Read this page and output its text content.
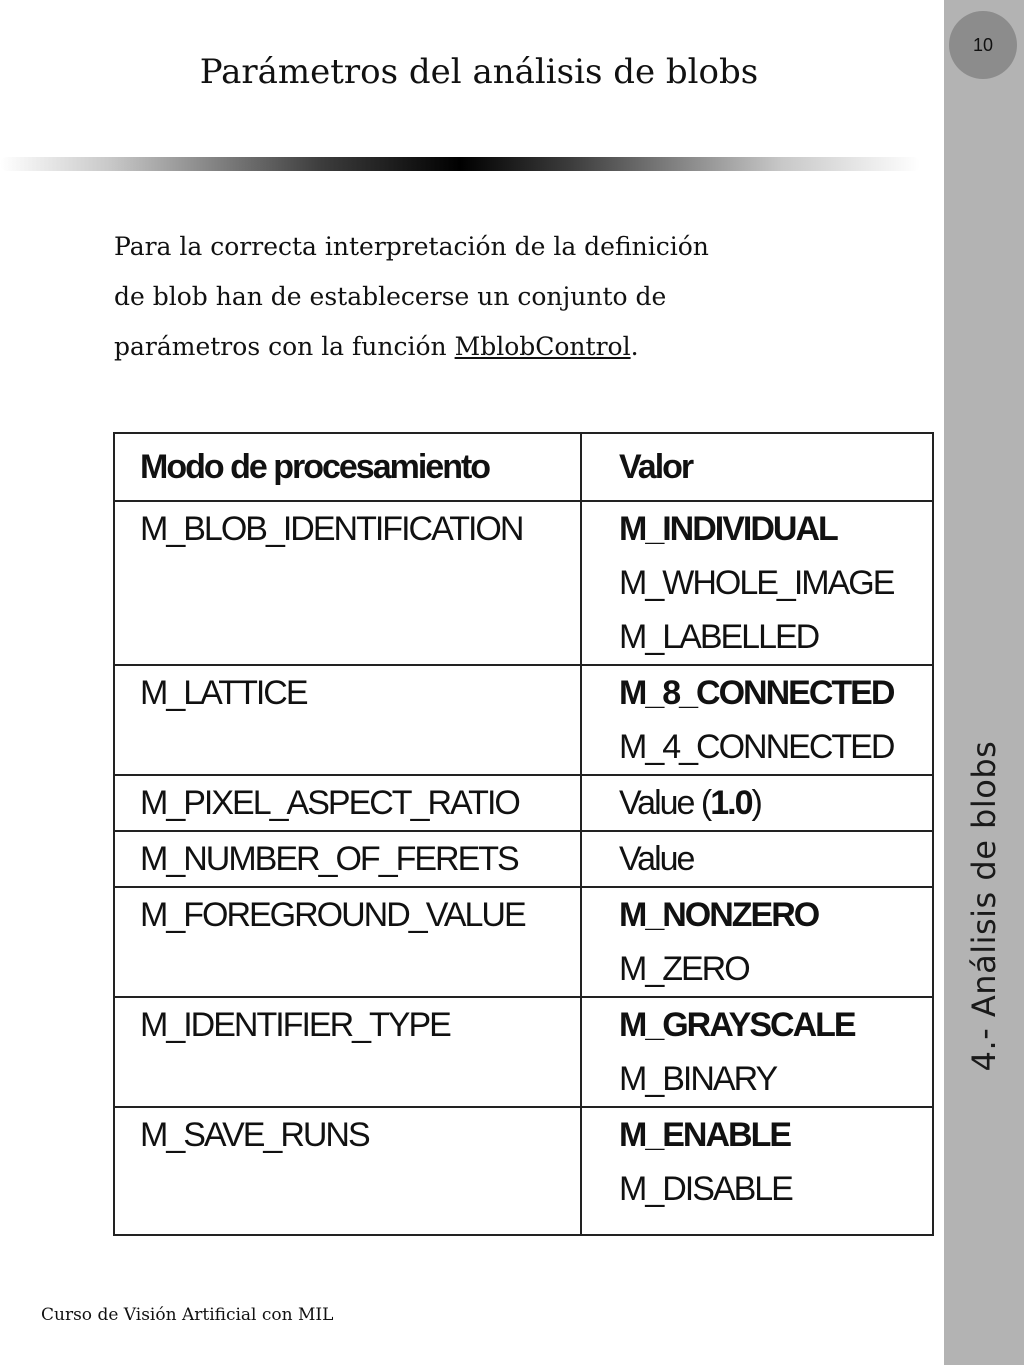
10
4.- Análisis de blobs
Parámetros del análisis de blobs
Para la correcta interpretación de la definición
de blob han de establecerse un conjunto de
parámetros con la función MblobControl.
Modo de procesamiento	Valor
M_BLOB_IDENTIFICATION	M_INDIVIDUAL
M_WHOLE_IMAGE
M_LABELLED

M_LATTICE	M_8_CONNECTED
M_4_CONNECTED

M_PIXEL_ASPECT_RATIO	Value (1.0)
M_NUMBER_OF_FERETS	Value
M_FOREGROUND_VALUE	M_NONZERO
M_ZERO

M_IDENTIFIER_TYPE	M_GRAYSCALE
M_BINARY

M_SAVE_RUNS	M_ENABLE
M_DISABLE
Curso de Visión Artificial con MIL
